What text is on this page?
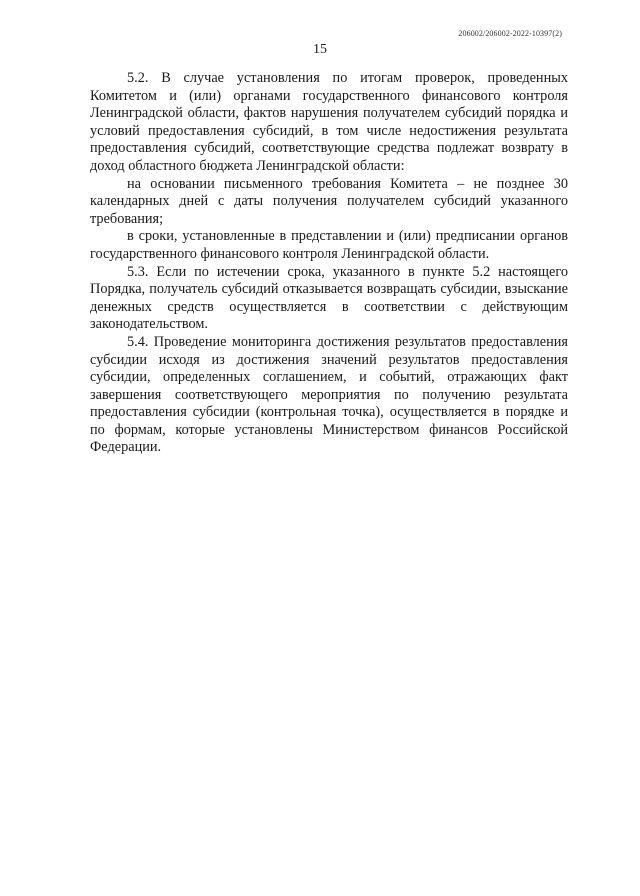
206002/206002-2022-10397(2)
15

5.2. В случае установления по итогам проверок, проведенных Комитетом и (или) органами государственного финансового контроля Ленинградской области, фактов нарушения получателем субсидий порядка и условий предоставления субсидий, в том числе недостижения результата предоставления субсидий, соответствующие средства подлежат возврату в доход областного бюджета Ленинградской области:

на основании письменного требования Комитета – не позднее 30 календарных дней с даты получения получателем субсидий указанного требования;

в сроки, установленные в представлении и (или) предписании органов государственного финансового контроля Ленинградской области.

5.3. Если по истечении срока, указанного в пункте 5.2 настоящего Порядка, получатель субсидий отказывается возвращать субсидии, взыскание денежных средств осуществляется в соответствии с действующим законодательством.

5.4. Проведение мониторинга достижения результатов предоставления субсидии исходя из достижения значений результатов предоставления субсидии, определенных соглашением, и событий, отражающих факт завершения соответствующего мероприятия по получению результата предоставления субсидии (контрольная точка), осуществляется в порядке и по формам, которые установлены Министерством финансов Российской Федерации.
